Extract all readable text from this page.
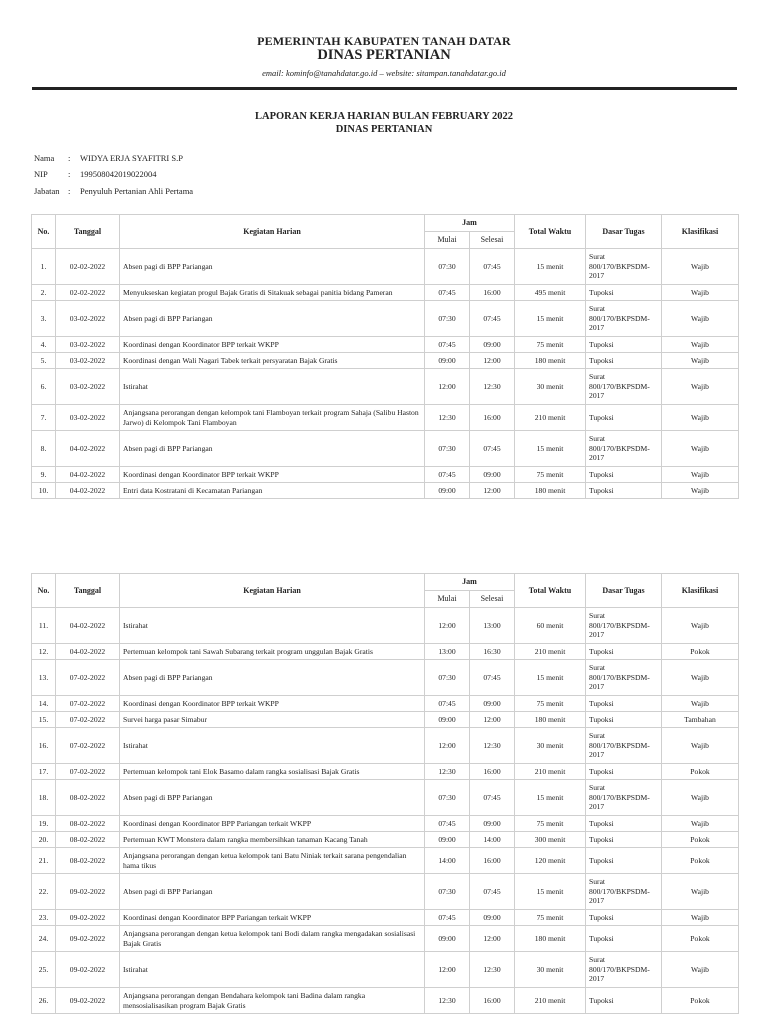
PEMERINTAH KABUPATEN TANAH DATAR
DINAS PERTANIAN
email: kominfo@tanahdatar.go.id – website: sitampan.tanahdatar.go.id
LAPORAN KERJA HARIAN BULAN FEBRUARY 2022
DINAS PERTANIAN
Nama : WIDYA ERJA SYAFITRI S.P
NIP : 199508042019022004
Jabatan : Penyuluh Pertanian Ahli Pertama
No.	Tanggal	Kegiatan Harian	Jam		Total Waktu	Dasar Tugas	Klasifikasi
			Mulai	Selesai			
1.	02-02-2022	Absen pagi di BPP Pariangan	07:30	07:45	15 menit	Surat 800/170/BKPSDM-2017	Wajib
2.	02-02-2022	Menyukseskan kegiatan progul Bajak Gratis di Sitakuak sebagai panitia bidang Pameran	07:45	16:00	495 menit	Tupoksi	Wajib
3.	03-02-2022	Absen pagi di BPP Pariangan	07:30	07:45	15 menit	Surat 800/170/BKPSDM-2017	Wajib
4.	03-02-2022	Koordinasi dengan Koordinator BPP terkait WKPP	07:45	09:00	75 menit	Tupoksi	Wajib
5.	03-02-2022	Koordinasi dengan Wali Nagari Tabek terkait persyaratan Bajak Gratis	09:00	12:00	180 menit	Tupoksi	Wajib
6.	03-02-2022	Istirahat	12:00	12:30	30 menit	Surat 800/170/BKPSDM-2017	Wajib
7.	03-02-2022	Anjangsana perorangan dengan kelompok tani Flamboyan terkait program Sahaja (Salibu Haston Jarwo) di Kelompok Tani Flamboyan	12:30	16:00	210 menit	Tupoksi	Wajib
8.	04-02-2022	Absen pagi di BPP Pariangan	07:30	07:45	15 menit	Surat 800/170/BKPSDM-2017	Wajib
9.	04-02-2022	Koordinasi dengan Koordinator BPP terkait WKPP	07:45	09:00	75 menit	Tupoksi	Wajib
10.	04-02-2022	Entri data Kostratani di Kecamatan Pariangan	09:00	12:00	180 menit	Tupoksi	Wajib
No.	Tanggal	Kegiatan Harian	Jam		Total Waktu	Dasar Tugas	Klasifikasi
			Mulai	Selesai			
11.	04-02-2022	Istirahat	12:00	13:00	60 menit	Surat 800/170/BKPSDM-2017	Wajib
12.	04-02-2022	Pertemuan kelompok tani Sawah Subarang terkait program unggulan Bajak Gratis	13:00	16:30	210 menit	Tupoksi	Pokok
13.	07-02-2022	Absen pagi di BPP Pariangan	07:30	07:45	15 menit	Surat 800/170/BKPSDM-2017	Wajib
14.	07-02-2022	Koordinasi dengan Koordinator BPP terkait WKPP	07:45	09:00	75 menit	Tupoksi	Wajib
15.	07-02-2022	Survei harga pasar Simabur	09:00	12:00	180 menit	Tupoksi	Tambahan
16.	07-02-2022	Istirahat	12:00	12:30	30 menit	Surat 800/170/BKPSDM-2017	Wajib
17.	07-02-2022	Pertemuan kelompok tani Elok Basamo dalam rangka sosialisasi Bajak Gratis	12:30	16:00	210 menit	Tupoksi	Pokok
18.	08-02-2022	Absen pagi di BPP Pariangan	07:30	07:45	15 menit	Surat 800/170/BKPSDM-2017	Wajib
19.	08-02-2022	Koordinasi dengan Koordinator BPP Pariangan terkait WKPP	07:45	09:00	75 menit	Tupoksi	Wajib
20.	08-02-2022	Pertemuan KWT Monstera dalam rangka membersihkan tanaman Kacang Tanah	09:00	14:00	300 menit	Tupoksi	Pokok
21.	08-02-2022	Anjangsana perorangan dengan ketua kelompok tani Batu Niniak terkait sarana pengendalian hama tikus	14:00	16:00	120 menit	Tupoksi	Pokok
22.	09-02-2022	Absen pagi di BPP Pariangan	07:30	07:45	15 menit	Surat 800/170/BKPSDM-2017	Wajib
23.	09-02-2022	Koordinasi dengan Koordinator BPP Pariangan terkait WKPP	07:45	09:00	75 menit	Tupoksi	Wajib
24.	09-02-2022	Anjangsana perorangan dengan ketua kelompok tani Bodi dalam rangka mengadakan sosialisasi Bajak Gratis	09:00	12:00	180 menit	Tupoksi	Pokok
25.	09-02-2022	Istirahat	12:00	12:30	30 menit	Surat 800/170/BKPSDM-2017	Wajib
26.	09-02-2022	Anjangsana perorangan dengan Bendahara kelompok tani Badina dalam rangka mensosialisasikan program Bajak Gratis	12:30	16:00	210 menit	Tupoksi	Pokok
